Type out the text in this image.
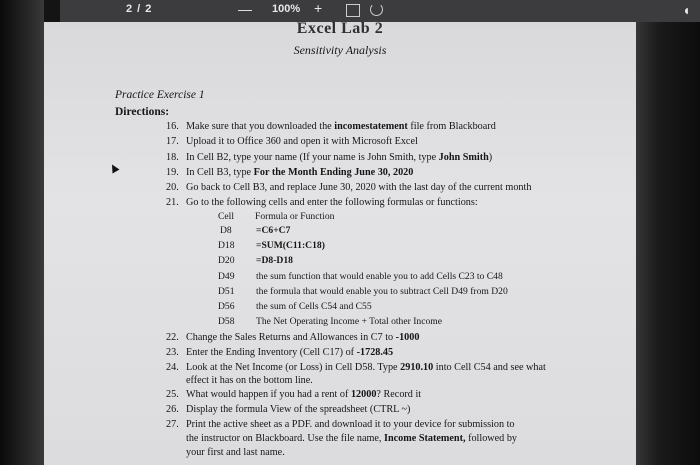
2 / 2	— 100% +	◖
Excel Lab 2
Sensitivity Analysis
Practice Exercise 1
Directions:
16. Make sure that you downloaded the incomestatement file from Blackboard
17. Upload it to Office 360 and open it with Microsoft Excel
18. In Cell B2, type your name (If your name is John Smith, type John Smith)
19. In Cell B3, type For the Month Ending June 30, 2020
20. Go back to Cell B3, and replace June 30, 2020 with the last day of the current month
21. Go to the following cells and enter the following formulas or functions:
Cell Formula or Function
D8	=C6+C7
D18 =SUM(C11:C18)
D20 =D8-D18
D49 the sum function that would enable you to add Cells C23 to C48
D51 the formula that would enable you to subtract Cell D49 from D20
D56 the sum of Cells C54 and C55
D58 The Net Operating Income + Total other Income
22. Change the Sales Returns and Allowances in C7 to -1000
23. Enter the Ending Inventory (Cell C17) of -1728.45
24. Look at the Net Income (or Loss) in Cell D58. Type 2910.10 into Cell C54 and see what
effect it has on the bottom line.
25. What would happen if you had a rent of 12000? Record it
26. Display the formula View of the spreadsheet (CTRL ~)
27. Print the active sheet as a PDF. and download it to your device for submission to
the instructor on Blackboard. Use the file name, Income Statement, followed by
your first and last name.
